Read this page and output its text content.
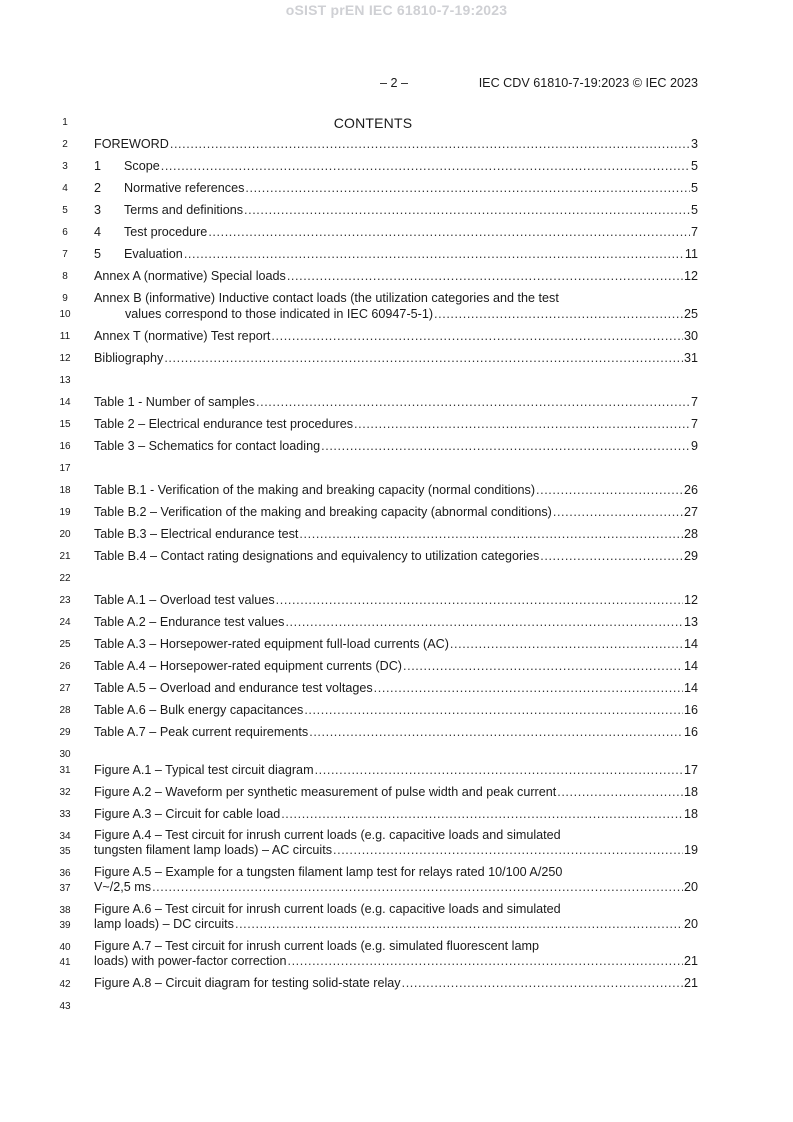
oSIST prEN IEC 61810-7-19:2023
– 2 –	IEC CDV 61810-7-19:2023 © IEC 2023
1
2
3
4
5
6
7
8
9
10
11
12
13
14
15
16
17
18
19
20
21
22
23
24
25
26
27
28
29
30
31
32
33
34
35
36
37
38
39
40
41
42
43
CONTENTS
FOREWORD .....	3
1 Scope .....	5
2 Normative references .....	5
3 Terms and definitions .....	5
4 Test procedure .....	7
5 Evaluation .....	11
Annex A (normative) Special loads .....	12
Annex B (informative) Inductive contact loads (the utilization categories and the test
values correspond to those indicated in IEC 60947-5-1) .....	25
Annex T (normative) Test report .....	30
Bibliography .....	31
Table 1 - Number of samples .....	7
Table 2 – Electrical endurance test procedures .....	7
Table 3 – Schematics for contact loading .....	9
Table B.1 - Verification of the making and breaking capacity (normal conditions) .....	26
Table B.2 – Verification of the making and breaking capacity (abnormal conditions) .....	27
Table B.3 – Electrical endurance test .....	28
Table B.4 – Contact rating designations and equivalency to utilization categories .....	29
Table A.1 – Overload test values .....	12
Table A.2 – Endurance test values .....	13
Table A.3 – Horsepower-rated equipment full-load currents (AC) .....	14
Table A.4 – Horsepower-rated equipment currents (DC) .....	14
Table A.5 – Overload and endurance test voltages .....	14
Table A.6 – Bulk energy capacitances .....	16
Table A.7 – Peak current requirements .....	16
Figure A.1 – Typical test circuit diagram .....	17
Figure A.2 – Waveform per synthetic measurement of pulse width and peak current .....	18
Figure A.3 – Circuit for cable load .....	18
Figure A.4 – Test circuit for inrush current loads (e.g. capacitive loads and simulated
tungsten filament lamp loads) – AC circuits .....	19
Figure A.5 – Example for a tungsten filament lamp test for relays rated 10/100 A/250
V~/2,5 ms .....	20
Figure A.6 – Test circuit for inrush current loads (e.g. capacitive loads and simulated
lamp loads) – DC circuits .....	20
Figure A.7 – Test circuit for inrush current loads (e.g. simulated fluorescent lamp
loads) with power-factor correction .....	21
Figure A.8 – Circuit diagram for testing solid-state relay .....	21
